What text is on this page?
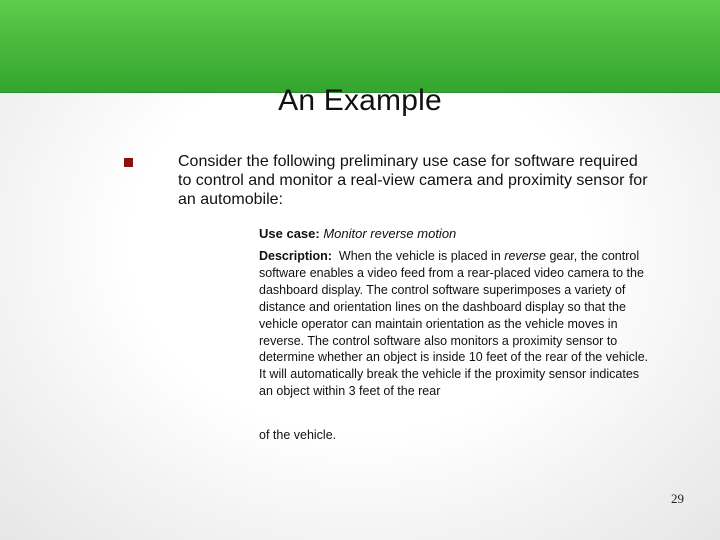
An Example
Consider the following preliminary use case for software required to control and monitor a real-view camera and proximity sensor for an automobile:
Use case: Monitor reverse motion
Description: When the vehicle is placed in reverse gear, the control software enables a video feed from a rear-placed video camera to the dashboard display. The control software superimposes a variety of distance and orientation lines on the dashboard display so that the vehicle operator can maintain orientation as the vehicle moves in reverse. The control software also monitors a proximity sensor to determine whether an object is inside 10 feet of the rear of the vehicle. It will automatically break the vehicle if the proximity sensor indicates an object within 3 feet of the rear
of the vehicle.
29
